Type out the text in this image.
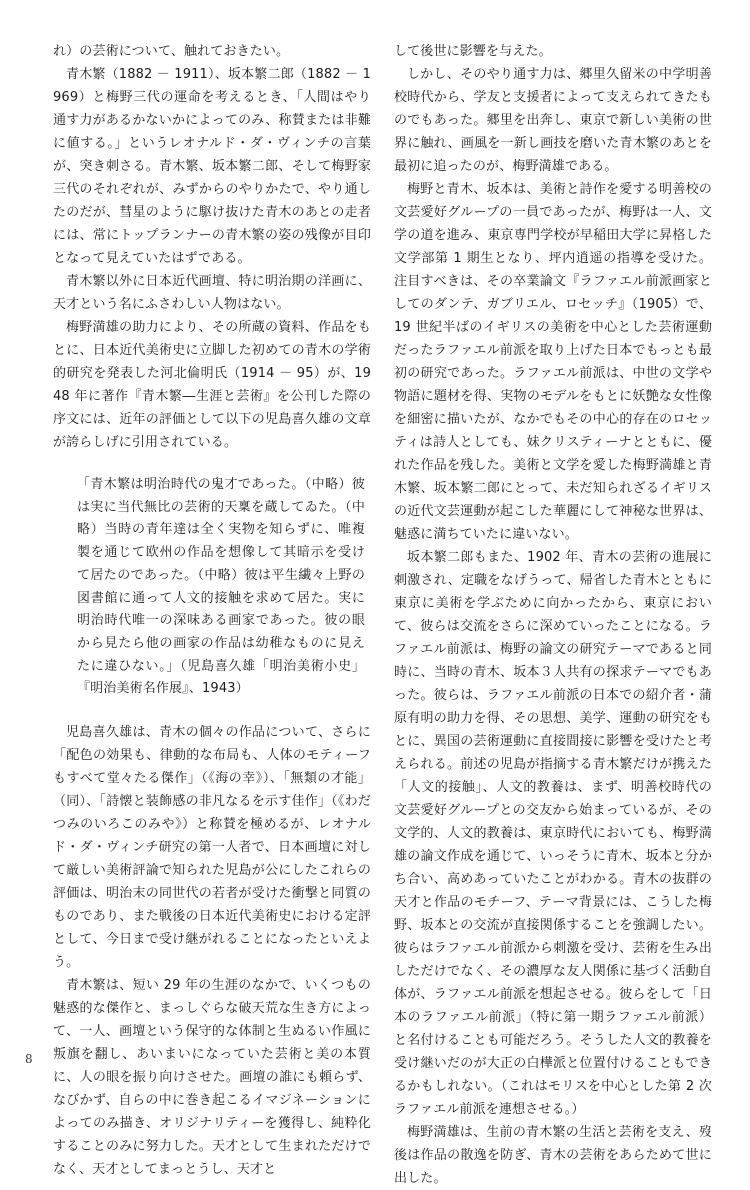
れ）の芸術について、触れておきたい。

青木繁（1882 － 1911）、坂本繁二郎（1882 － 1969）と梅野三代の運命を考えるとき、「人間はやり通す力があるかないかによってのみ、称賛または非難に値する。」というレオナルド・ダ・ヴィンチの言葉が、突き刺さる。青木繁、坂本繁二郎、そして梅野家三代のそれぞれが、みずからのやりかたで、やり通したのだが、彗星のように駆け抜けた青木のあとの走者には、常にトップランナーの青木繁の姿の残像が目印となって見えていたはずである。

青木繁以外に日本近代画壇、特に明治期の洋画に、天才という名にふさわしい人物はない。

梅野満雄の助力により、その所蔵の資料、作品をもとに、日本近代美術史に立脚した初めての青木の学術的研究を発表した河北倫明氏（1914 － 95）が、1948 年に著作『青木繁―生涯と芸術』を公刊した際の序文には、近年の評価として以下の児島喜久雄の文章が誇らしげに引用されている。

「青木繁は明治時代の鬼才であった。（中略）彼は実に当代無比の芸術的天稟を蔵してゐた。（中略）当時の青年達は全く実物を知らずに、唯複製を通じて欧州の作品を想像して其暗示を受けて居たのであった。（中略）彼は平生繊々上野の図書館に通って人文的接触を求めて居た。実に明治時代唯一の深味ある画家であった。彼の眼から見たら他の画家の作品は幼稚なものに見えたに違ひない。」（児島喜久雄「明治美術小史」『明治美術名作展』、1943）

児島喜久雄は、青木の個々の作品について、さらに「配色の効果も、律動的な布局も、人体のモティーフもすべて堂々たる傑作」（《海の幸》）、「無類の才能」（同）、「詩懐と装飾感の非凡なるを示す佳作」（《わだつみのいろこのみや》）と称賛を極めるが、レオナルド・ダ・ヴィンチ研究の第一人者で、日本画壇に対して厳しい美術評論で知られた児島が公にしたこれらの評価は、明治末の同世代の若者が受けた衝撃と同質のものであり、また戦後の日本近代美術史における定評として、今日まで受け継がれることになったといえよう。

青木繁は、短い 29 年の生涯のなかで、いくつもの魅惑的な傑作と、まっしぐらな破天荒な生き方によって、一人、画壇という保守的な体制と生ぬるい作風に叛旗を翻し、あいまいになっていた芸術と美の本質に、人の眼を振り向けさせた。画壇の誰にも頼らず、なびかず、自らの中に巻き起こるイマジネーションによってのみ描き、オリジナリティーを獲得し、純粋化することのみに努力した。天才として生まれただけでなく、天才としてまっとうし、天才と

して後世に影響を与えた。

しかし、そのやり通す力は、郷里久留米の中学明善校時代から、学友と支援者によって支えられてきたものでもあった。郷里を出奔し、東京で新しい美術の世界に触れ、画風を一新し画技を磨いた青木繁のあとを最初に追ったのが、梅野満雄である。

梅野と青木、坂本は、美術と詩作を愛する明善校の文芸愛好グループの一員であったが、梅野は一人、文学の道を進み、東京専門学校が早稲田大学に昇格した文学部第 1 期生となり、坪内逍遥の指導を受けた。注目すべきは、その卒業論文『ラファエル前派画家としてのダンテ、ガブリエル、ロセッチ』（1905）で、19 世紀半ばのイギリスの美術を中心とした芸術運動だったラファエル前派を取り上げた日本でもっとも最初の研究であった。ラファエル前派は、中世の文学や物語に題材を得、実物のモデルをもとに妖艶な女性像を細密に描いたが、なかでもその中心的存在のロセッティは詩人としても、妹クリスティーナとともに、優れた作品を残した。美術と文学を愛した梅野満雄と青木繁、坂本繁二郎にとって、未だ知られざるイギリスの近代文芸運動が起こした華麗にして神秘な世界は、魅惑に満ちていたに違いない。

坂本繁二郎もまた、1902 年、青木の芸術の進展に刺激され、定職をなげうって、帰省した青木とともに東京に美術を学ぶために向かったから、東京において、彼らは交流をさらに深めていったことになる。ラファエル前派は、梅野の論文の研究テーマであると同時に、当時の青木、坂本３人共有の探求テーマでもあった。彼らは、ラファエル前派の日本での紹介者・蒲原有明の助力を得、その思想、美学、運動の研究をもとに、異国の芸術運動に直接間接に影響を受けたと考えられる。前述の児島が指摘する青木繁だけが携えた「人文的接触」、人文的教養は、まず、明善校時代の文芸愛好グループとの交友から始まっているが、その文学的、人文的教養は、東京時代においても、梅野満雄の論文作成を通じて、いっそうに青木、坂本と分かち合い、高めあっていたことがわかる。青木の抜群の天才と作品のモチーフ、テーマ背景には、こうした梅野、坂本との交流が直接関係することを強調したい。彼らはラファエル前派から刺激を受け、芸術を生み出しただけでなく、その濃厚な友人関係に基づく活動自体が、ラファエル前派を想起させる。彼らをして「日本のラファエル前派」（特に第一期ラファエル前派）と名付けることも可能だろう。そうした人文的教養を受け継いだのが大正の白樺派と位置付けることもできるかもしれない。（これはモリスを中心とした第 2 次ラファエル前派を連想させる。）

梅野満雄は、生前の青木繁の生活と芸術を支え、歿後は作品の散逸を防ぎ、青木の芸術をあらためて世に出した。

8
